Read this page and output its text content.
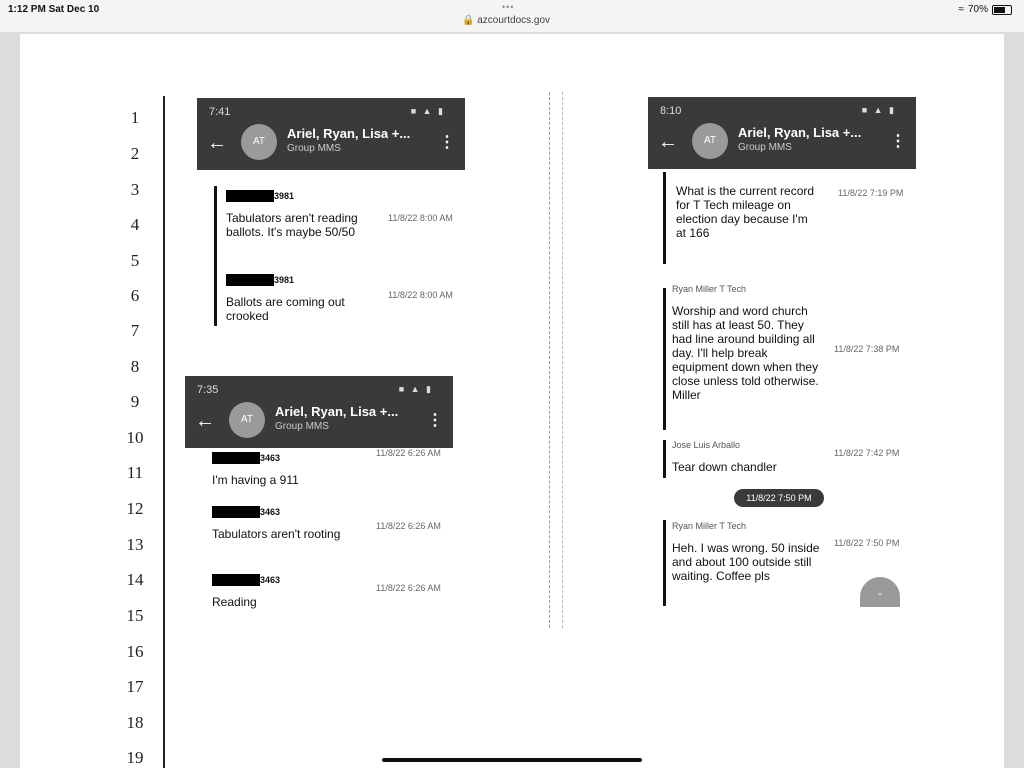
1:12 PM Sat Dec 10	•••
🔒 azcourtdocs.gov
≈ 70%
1
2
3
4
5
6
7
8
9
10
11
12
13
14
15
16
17
18
19
7:41	■ ▲ ▮
←	AT
Ariel, Ryan, Lisa +...
Group MMS	⋮
3981
Tabulators aren't reading ballots. It's maybe 50/50
11/8/22 8:00 AM
3981
Ballots are coming out crooked
11/8/22 8:00 AM
7:35	■ ▲ ▮
←	AT
Ariel, Ryan, Lisa +...
Group MMS	⋮
3463
I'm having a 911
11/8/22 6:26 AM
3463
Tabulators aren't rooting
11/8/22 6:26 AM
3463
Reading
11/8/22 6:26 AM
8:10	■ ▲ ▮
←	AT
Ariel, Ryan, Lisa +...
Group MMS	⋮
What is the current record for T Tech mileage on election day because I'm at 166
11/8/22 7:19 PM
Ryan Miller T Tech
Worship and word church still has at least 50. They had line around building all day. I'll help break equipment down when they close unless told otherwise. Miller
11/8/22 7:38 PM
Jose Luis Arballo
Tear down chandler
11/8/22 7:42 PM
11/8/22 7:50 PM
Ryan Miller T Tech
Heh. I was wrong. 50 inside and about 100 outside still waiting. Coffee pls
11/8/22 7:50 PM
⌄
